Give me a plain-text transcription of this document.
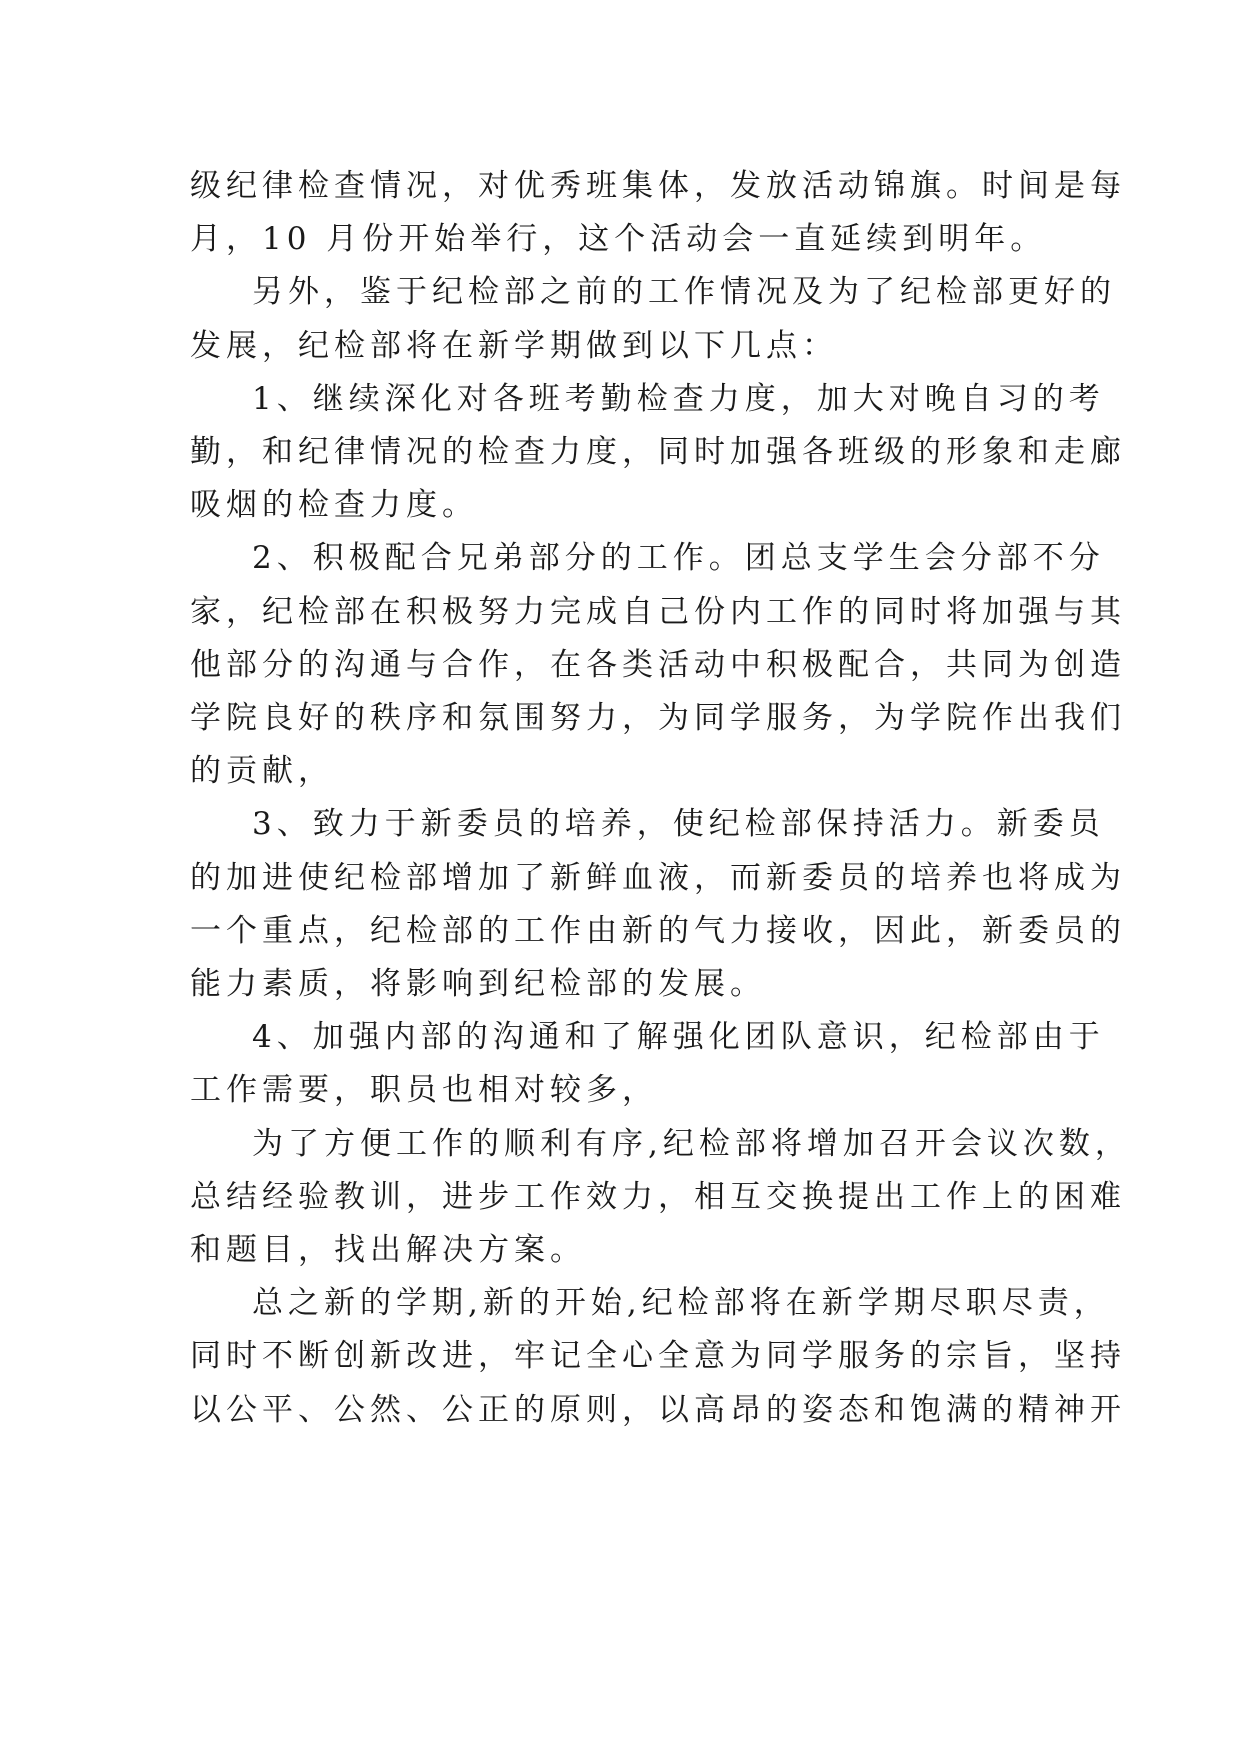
级纪律检查情况，对优秀班集体，发放活动锦旗。时间是每
月，10 月份开始举行，这个活动会一直延续到明年。
另外，鉴于纪检部之前的工作情况及为了纪检部更好的
发展，纪检部将在新学期做到以下几点：
1、继续深化对各班考勤检查力度，加大对晚自习的考
勤，和纪律情况的检查力度，同时加强各班级的形象和走廊
吸烟的检查力度。
2、积极配合兄弟部分的工作。团总支学生会分部不分
家，纪检部在积极努力完成自己份内工作的同时将加强与其
他部分的沟通与合作，在各类活动中积极配合，共同为创造
学院良好的秩序和氛围努力，为同学服务，为学院作出我们
的贡献，
3、致力于新委员的培养，使纪检部保持活力。新委员
的加进使纪检部增加了新鲜血液，而新委员的培养也将成为
一个重点，纪检部的工作由新的气力接收，因此，新委员的
能力素质，将影响到纪检部的发展。
4、加强内部的沟通和了解强化团队意识，纪检部由于
工作需要，职员也相对较多，
为了方便工作的顺利有序,纪检部将增加召开会议次数，
总结经验教训，进步工作效力，相互交换提出工作上的困难
和题目，找出解决方案。
总之新的学期,新的开始,纪检部将在新学期尽职尽责，
同时不断创新改进，牢记全心全意为同学服务的宗旨，坚持
以公平、公然、公正的原则，以高昂的姿态和饱满的精神开
